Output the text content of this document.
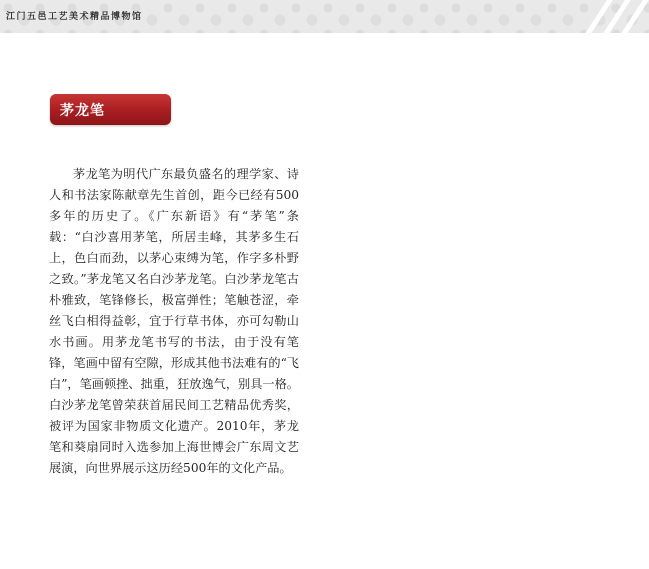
江门五邑工艺美术精品博物馆
茅龙笔

茅龙笔为明代广东最负盛名的理学家、诗人和书法家陈献章先生首创，距今已经有500多年的历史了。《广东新语》有“茅笔”条载：“白沙喜用茅笔，所居圭峰，其茅多生石上，色白而劲，以茅心束缚为笔，作字多朴野之致。”茅龙笔又名白沙茅龙笔。白沙茅龙笔古朴雅致，笔锋修长，极富弹性；笔触苍涩，牵丝飞白相得益彰，宜于行草书体，亦可勾勒山水书画。用茅龙笔书写的书法，由于没有笔锋，笔画中留有空隙，形成其他书法难有的“飞白”，笔画顿挫、拙重，狂放逸气，别具一格。白沙茅龙笔曾荣获首届民间工艺精品优秀奖，被评为国家非物质文化遗产。2010年，茅龙笔和葵扇同时入选参加上海世博会广东周文艺展演，向世界展示这历经500年的文化产品。
